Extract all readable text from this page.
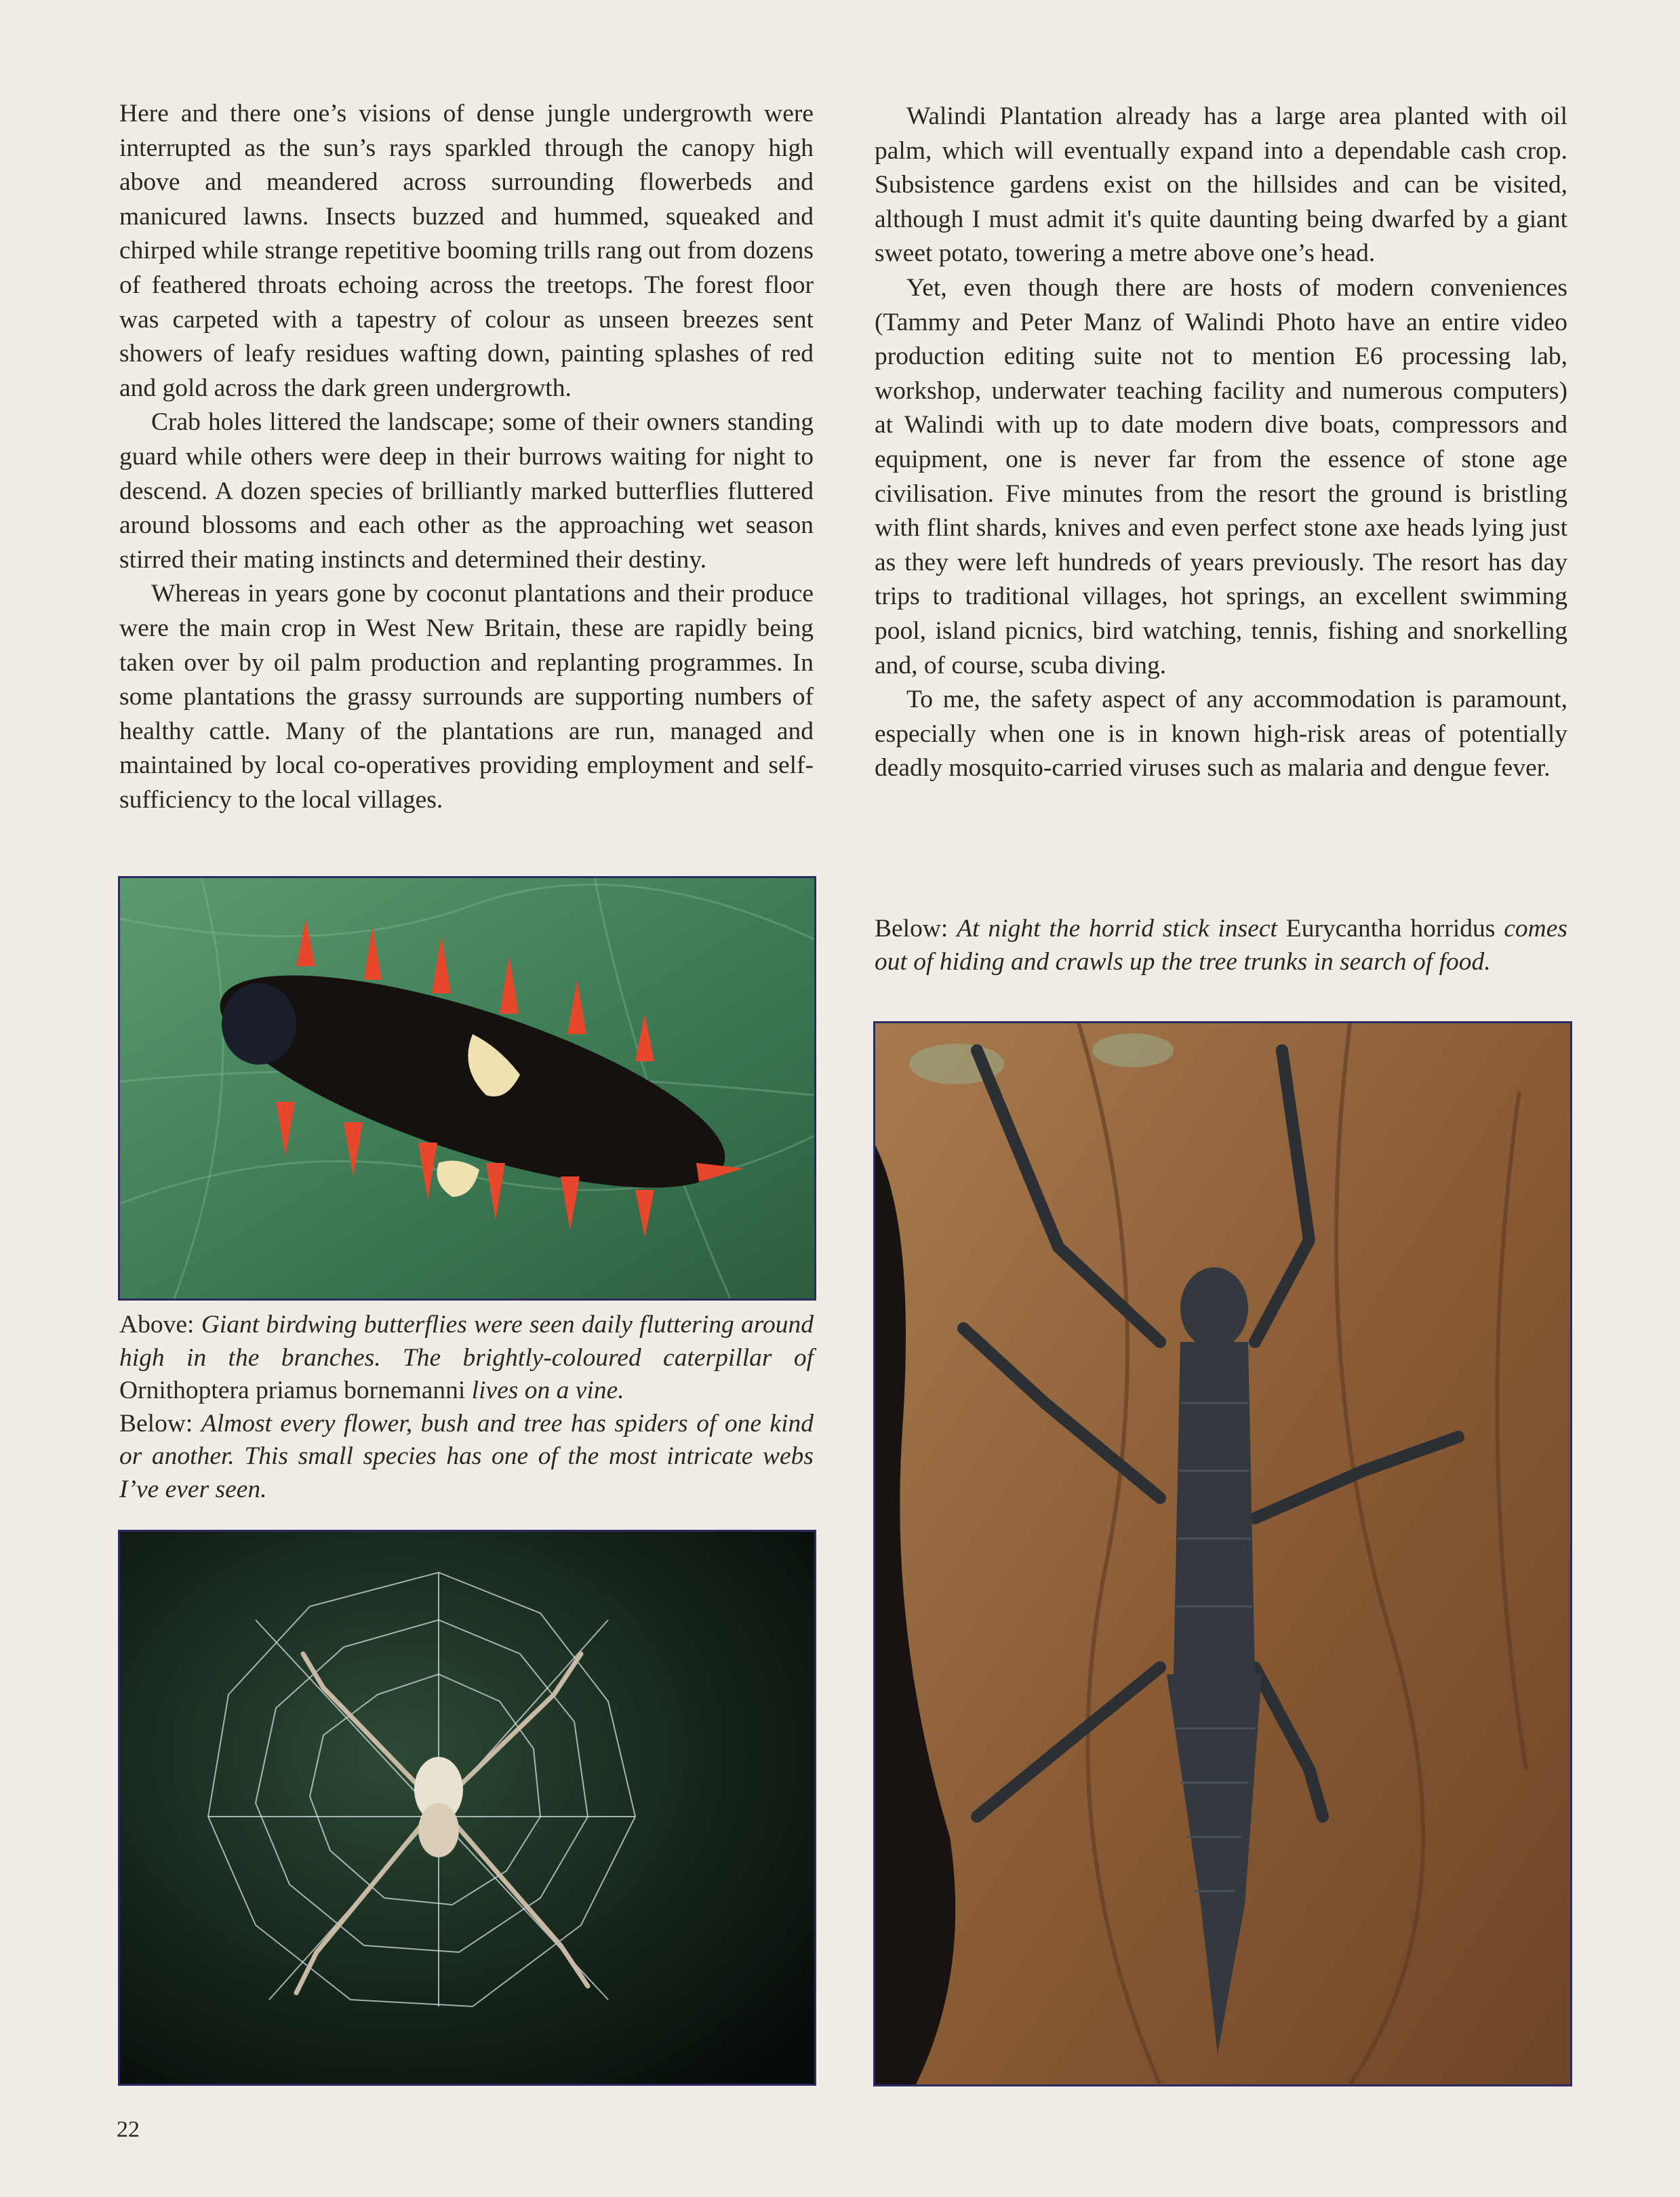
Here and there one’s visions of dense jungle undergrowth were interrupted as the sun’s rays sparkled through the canopy high above and meandered across surrounding flowerbeds and manicured lawns. Insects buzzed and hummed, squeaked and chirped while strange repetitive booming trills rang out from dozens of feathered throats echoing across the treetops. The forest floor was carpeted with a tapestry of colour as unseen breezes sent showers of leafy residues wafting down, painting splashes of red and gold across the dark green undergrowth.

Crab holes littered the landscape; some of their owners standing guard while others were deep in their burrows waiting for night to descend. A dozen species of brilliantly marked butterflies fluttered around blossoms and each other as the approaching wet season stirred their mating instincts and determined their destiny.

Whereas in years gone by coconut plantations and their produce were the main crop in West New Britain, these are rapidly being taken over by oil palm production and replanting programmes. In some plantations the grassy surrounds are supporting numbers of healthy cattle. Many of the plantations are run, managed and maintained by local co-operatives providing employment and self-sufficiency to the local villages.

Walindi Plantation already has a large area planted with oil palm, which will eventually expand into a dependable cash crop. Subsistence gardens exist on the hillsides and can be visited, although I must admit it's quite daunting being dwarfed by a giant sweet potato, towering a metre above one’s head.

Yet, even though there are hosts of modern conveniences (Tammy and Peter Manz of Walindi Photo have an entire video production editing suite not to mention E6 processing lab, workshop, underwater teaching facility and numerous computers) at Walindi with up to date modern dive boats, compressors and equipment, one is never far from the essence of stone age civilisation. Five minutes from the resort the ground is bristling with flint shards, knives and even perfect stone axe heads lying just as they were left hundreds of years previously. The resort has day trips to traditional villages, hot springs, an excellent swimming pool, island picnics, bird watching, tennis, fishing and snorkelling and, of course, scuba diving.

To me, the safety aspect of any accommodation is paramount, especially when one is in known high-risk areas of potentially deadly mosquito-carried viruses such as malaria and dengue fever.

Above: Giant birdwing butterflies were seen daily fluttering around high in the branches. The brightly-coloured caterpillar of Ornithoptera priamus bornemanni lives on a vine.
Below: Almost every flower, bush and tree has spiders of one kind or another. This small species has one of the most intricate webs I’ve ever seen.
Below: At night the horrid stick insect Eurycantha horridus comes out of hiding and crawls up the tree trunks in search of food.
22
